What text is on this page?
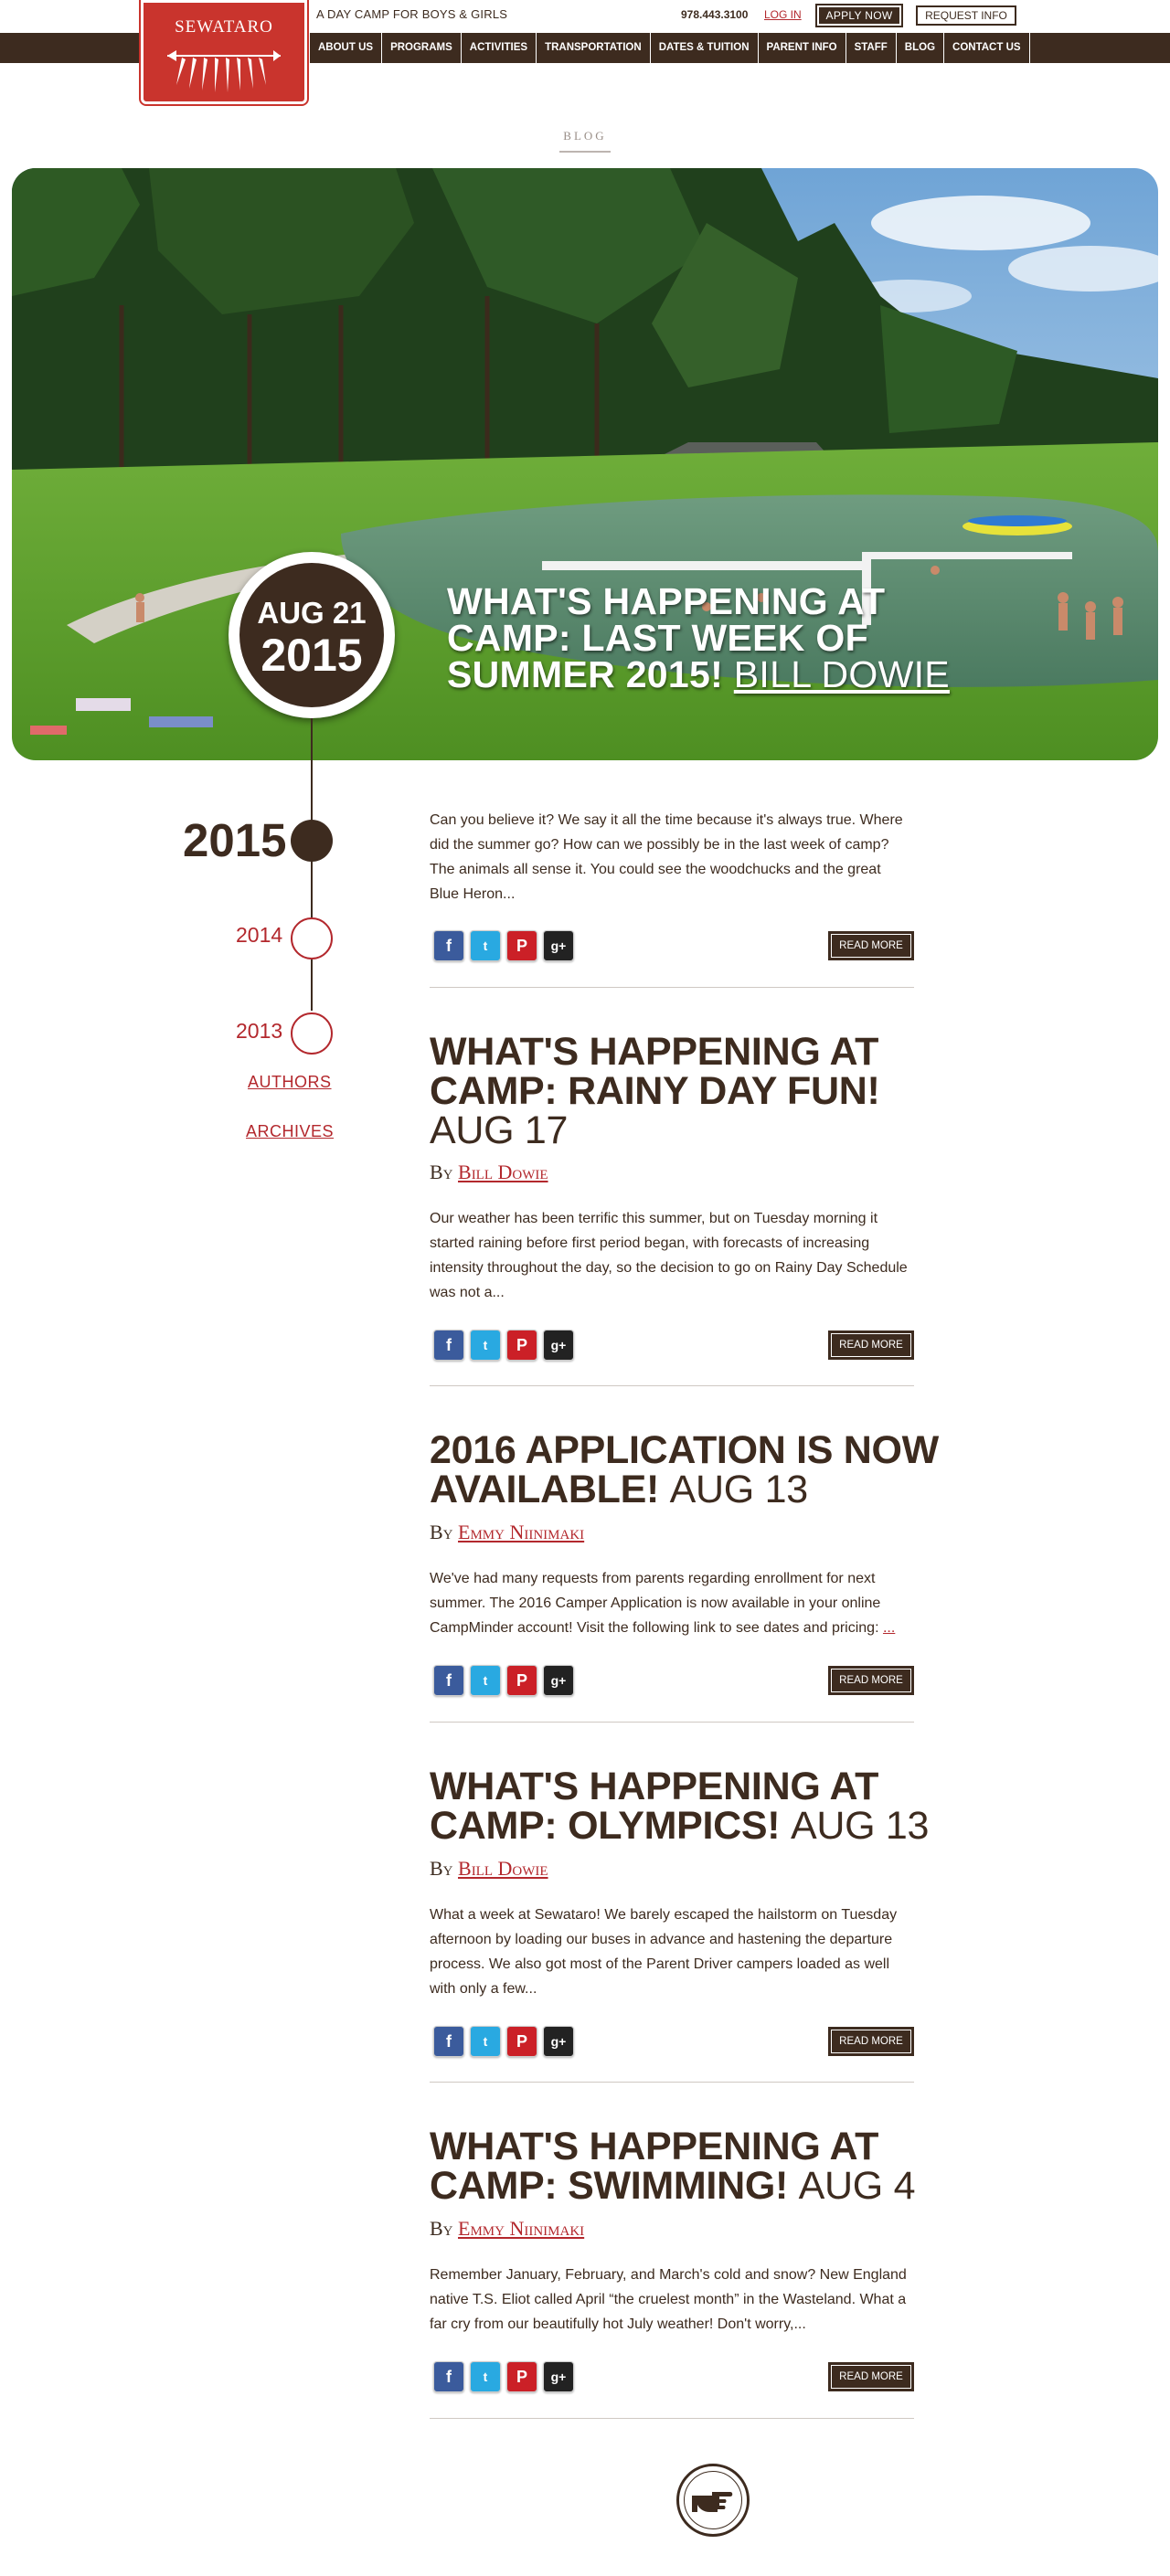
A DAY CAMP FOR BOYS & GIRLS	978.443.3100 LOG IN	APPLY NOW	REQUEST INFO
ABOUT US	PROGRAMS	ACTIVITIES	TRANSPORTATION	DATES & TUITION	PARENT INFO	STAFF	BLOG	CONTACT US
SEWATARO
BLOG
WHAT'S HAPPENING AT CAMP: LAST WEEK OF SUMMER 2015! BILL DOWIE
AUG 21
2015
2015
2014
2013
AUTHORS
ARCHIVES
Can you believe it? We say it all the time because it's always true. Where did the summer go? How can we possibly be in the last week of camp? The animals all sense it. You could see the woodchucks and the great Blue Heron...
f	t	P	g+	READ MORE
WHAT'S HAPPENING AT CAMP: RAINY DAY FUN! AUG 17
By Bill Dowie
Our weather has been terrific this summer, but on Tuesday morning it started raining before first period began, with forecasts of increasing intensity throughout the day, so the decision to go on Rainy Day Schedule was not a...
f	t	P	g+	READ MORE
2016 APPLICATION IS NOW AVAILABLE! AUG 13
By Emmy Niinimaki
We've had many requests from parents regarding enrollment for next summer. The 2016 Camper Application is now available in your online CampMinder account! Visit the following link to see dates and pricing: ...
f	t	P	g+	READ MORE
WHAT'S HAPPENING AT CAMP: OLYMPICS! AUG 13
By Bill Dowie
What a week at Sewataro! We barely escaped the hailstorm on Tuesday afternoon by loading our buses in advance and hastening the departure process. We also got most of the Parent Driver campers loaded as well with only a few...
f	t	P	g+	READ MORE
WHAT'S HAPPENING AT CAMP: SWIMMING! AUG 4
By Emmy Niinimaki
Remember January, February, and March's cold and snow? New England native T.S. Eliot called April “the cruelest month” in the Wasteland. What a far cry from our beautifully hot July weather! Don't worry,...
f	t	P	g+	READ MORE
